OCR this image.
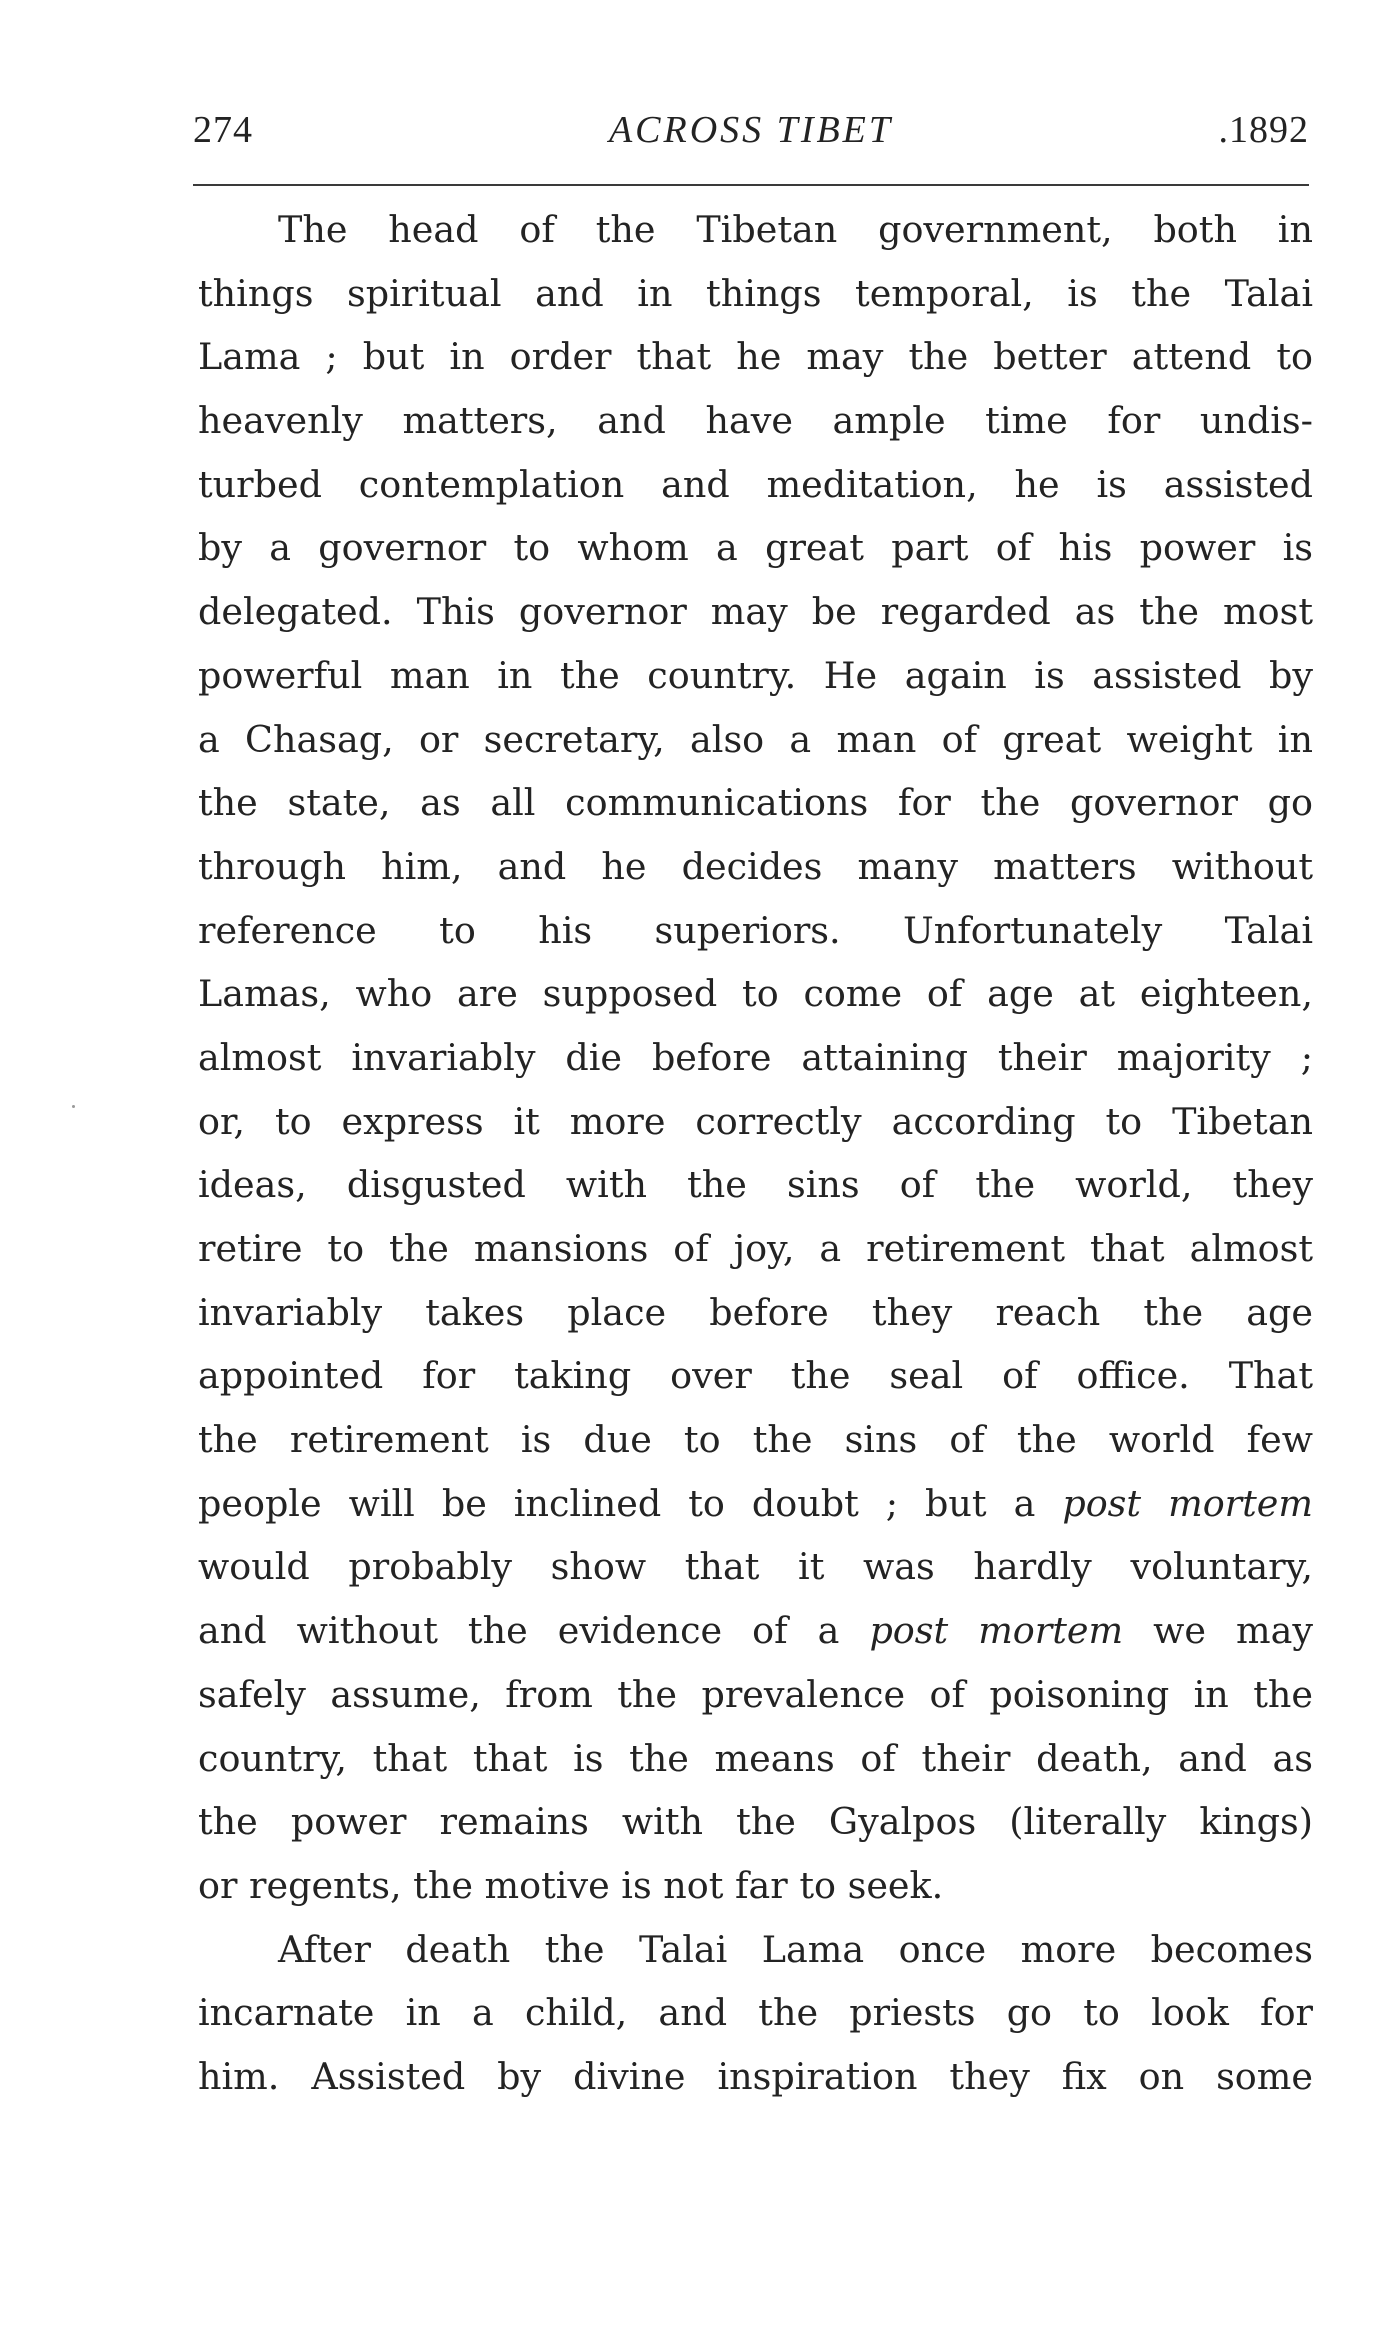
274	ACROSS TIBET	.1892
The head of the Tibetan government, both in
things spiritual and in things temporal, is the Talai
Lama ; but in order that he may the better attend to
heavenly matters, and have ample time for undis-
turbed contemplation and meditation, he is assisted
by a governor to whom a great part of his power is
delegated. This governor may be regarded as the most
powerful man in the country. He again is assisted by
a Chasag, or secretary, also a man of great weight in
the state, as all communications for the governor go
through him, and he decides many matters without
reference to his superiors. Unfortunately Talai
Lamas, who are supposed to come of age at eighteen,
almost invariably die before attaining their majority ;
or, to express it more correctly according to Tibetan
ideas, disgusted with the sins of the world, they
retire to the mansions of joy, a retirement that almost
invariably takes place before they reach the age
appointed for taking over the seal of office. That
the retirement is due to the sins of the world few
people will be inclined to doubt ; but a post mortem
would probably show that it was hardly voluntary,
and without the evidence of a post mortem we may
safely assume, from the prevalence of poisoning in the
country, that that is the means of their death, and as
the power remains with the Gyalpos (literally kings)
or regents, the motive is not far to seek.
After death the Talai Lama once more becomes
incarnate in a child, and the priests go to look for
him. Assisted by divine inspiration they fix on some
